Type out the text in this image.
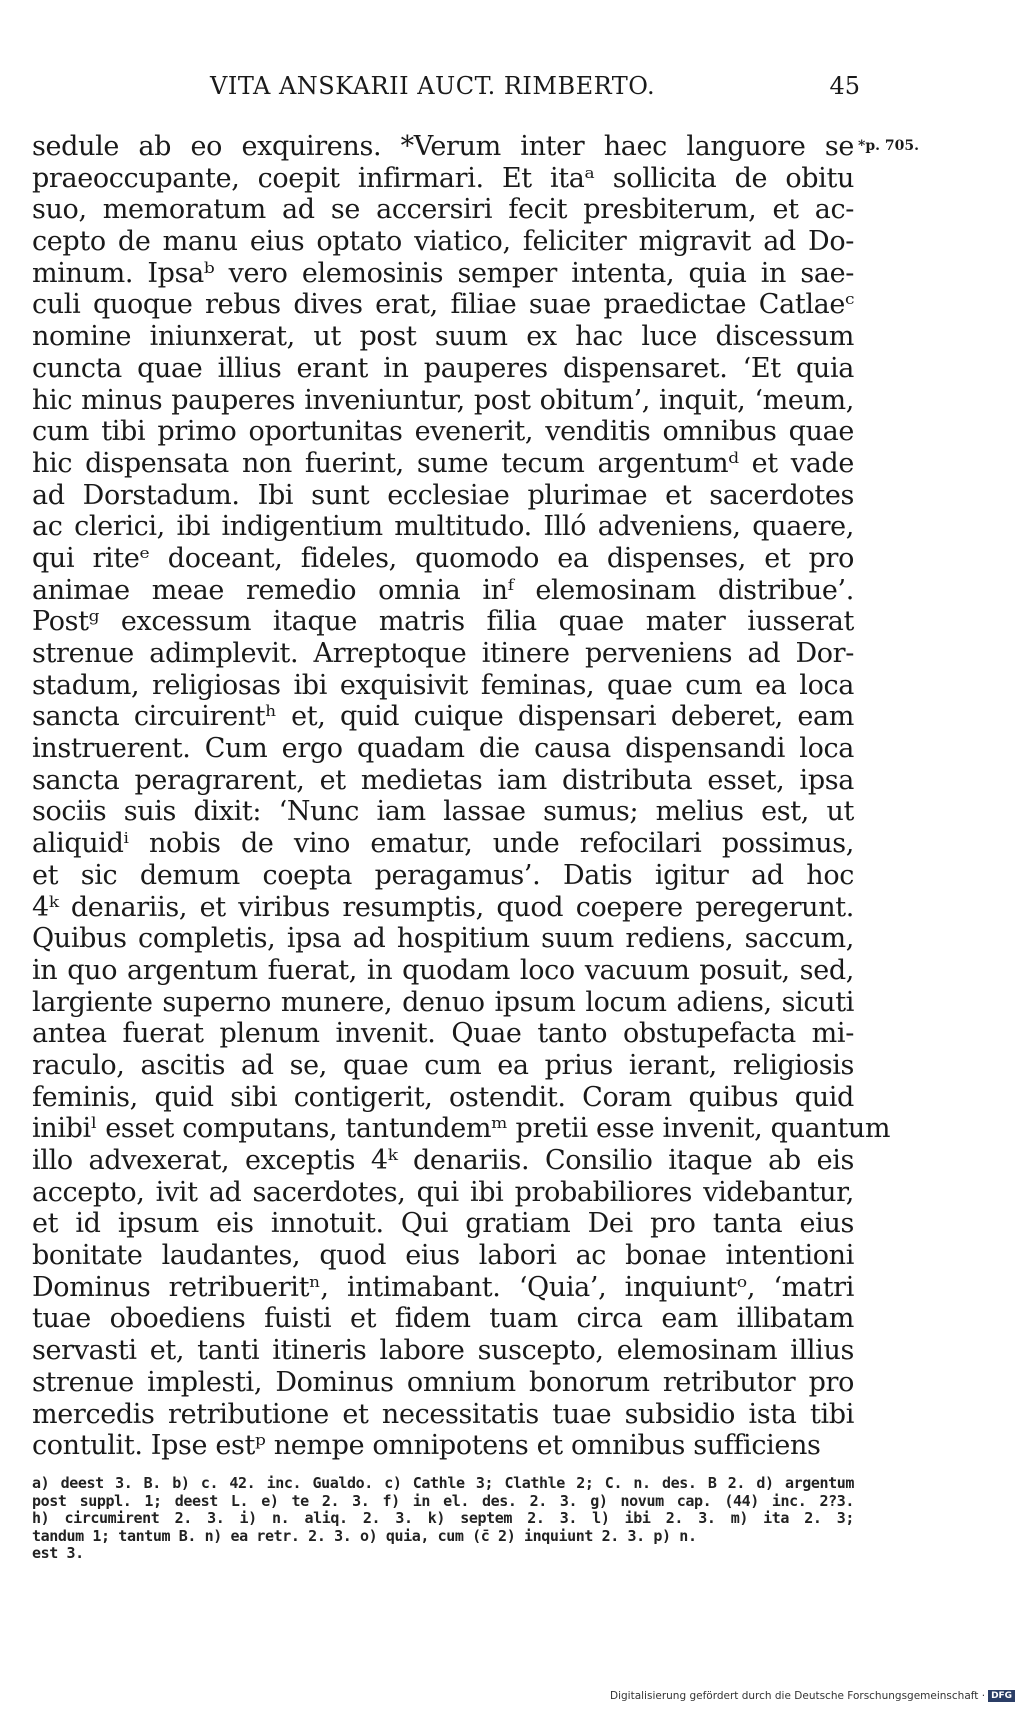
VITA ANSKARII AUCT. RIMBERTO.	45
*p. 705.
sedule ab eo exquirens. *Verum inter haec languore se
praeoccupante, coepit infirmari. Et itaᵃ sollicita de obitu
suo, memoratum ad se accersiri fecit presbiterum, et ac-
cepto de manu eius optato viatico, feliciter migravit ad Do-
minum. Ipsaᵇ vero elemosinis semper intenta, quia in sae-
culi quoque rebus dives erat, filiae suae praedictae Catlaeᶜ
nomine iniunxerat, ut post suum ex hac luce discessum
cuncta quae illius erant in pauperes dispensaret. ‘Et quia
hic minus pauperes inveniuntur, post obitum’, inquit, ‘meum,
cum tibi primo oportunitas evenerit, venditis omnibus quae
hic dispensata non fuerint, sume tecum argentumᵈ et vade
ad Dorstadum. Ibi sunt ecclesiae plurimae et sacerdotes
ac clerici, ibi indigentium multitudo. Illó adveniens, quaere,
qui riteᵉ doceant, fideles, quomodo ea dispenses, et pro
animae meae remedio omnia inᶠ elemosinam distribue’.
Postᵍ excessum itaque matris filia quae mater iusserat
strenue adimplevit. Arreptoque itinere perveniens ad Dor-
stadum, religiosas ibi exquisivit feminas, quae cum ea loca
sancta circuirentʰ et, quid cuique dispensari deberet, eam
instruerent. Cum ergo quadam die causa dispensandi loca
sancta peragrarent, et medietas iam distributa esset, ipsa
sociis suis dixit: ‘Nunc iam lassae sumus; melius est, ut
aliquidⁱ nobis de vino ematur, unde refocilari possimus,
et sic demum coepta peragamus’. Datis igitur ad hoc
4ᵏ denariis, et viribus resumptis, quod coepere peregerunt.
Quibus completis, ipsa ad hospitium suum rediens, saccum,
in quo argentum fuerat, in quodam loco vacuum posuit, sed,
largiente superno munere, denuo ipsum locum adiens, sicuti
antea fuerat plenum invenit. Quae tanto obstupefacta mi-
raculo, ascitis ad se, quae cum ea prius ierant, religiosis
feminis, quid sibi contigerit, ostendit. Coram quibus quid
inibiˡ esset computans, tantundemᵐ pretii esse invenit, quantum
illo advexerat, exceptis 4ᵏ denariis. Consilio itaque ab eis
accepto, ivit ad sacerdotes, qui ibi probabiliores videbantur,
et id ipsum eis innotuit. Qui gratiam Dei pro tanta eius
bonitate laudantes, quod eius labori ac bonae intentioni
Dominus retribueritⁿ, intimabant. ‘Quia’, inquiuntᵒ, ‘matri
tuae oboediens fuisti et fidem tuam circa eam illibatam
servasti et, tanti itineris labore suscepto, elemosinam illius
strenue implesti, Dominus omnium bonorum retributor pro
mercedis retributione et necessitatis tuae subsidio ista tibi
contulit. Ipse estᵖ nempe omnipotens et omnibus sufficiens
a) deest 3. B. b) c. 42. inc. Gualdo. c) Cathle 3; Clathle 2; C. n. des. B 2. d) argentum
post suppl. 1; deest L. e) te 2. 3. f) in el. des. 2. 3. g) novum cap. (44) inc. 2?3.
h) circumirent 2. 3. i) n. aliq. 2. 3. k) septem 2. 3. l) ibi 2. 3. m) ita 2. 3;
tandum 1; tantum B. n) ea retr. 2. 3. o) quia, cum (c̄ 2) inquiunt 2. 3. p) n.
est 3.
Digitalisierung gefördert durch die Deutsche Forschungsgemeinschaft · DFG
